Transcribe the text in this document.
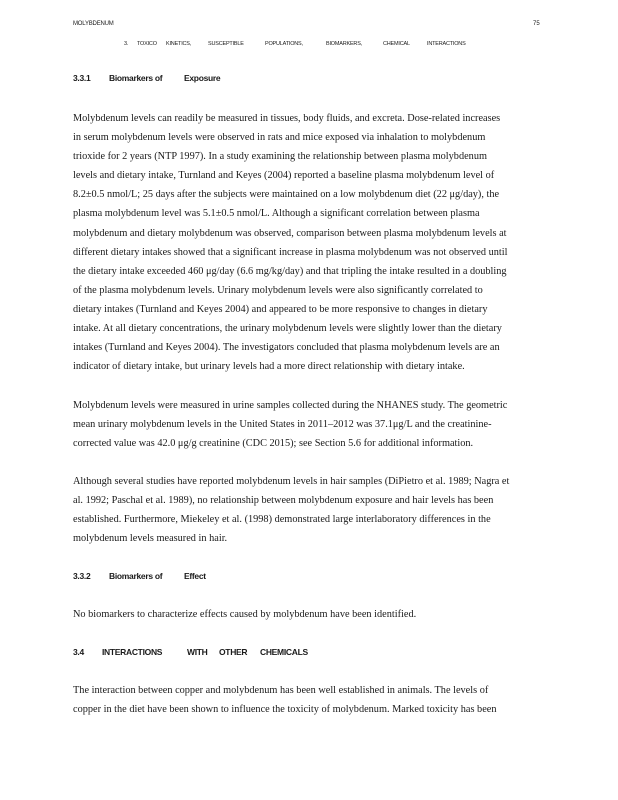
MOLYBDENUM	75
3. TOXICO KINETICS,	SUSCEPTIBLE	POPULATIONS,	BIOMARKERS,	CHEMICAL	INTERACTIONS
3.3.1 Biomarkers of	Exposure
Molybdenum levels can readily be measured in tissues, body fluids, and excreta. Dose-related increases
in serum molybdenum levels were observed in rats and mice exposed via inhalation to molybdenum
trioxide for 2 years (NTP 1997). In a study examining the relationship between plasma molybdenum
levels and dietary intake, Turnland and Keyes (2004) reported a baseline plasma molybdenum level of
8.2±0.5 nmol/L; 25 days after the subjects were maintained on a low molybdenum diet (22 μg/day), the
plasma molybdenum level was 5.1±0.5 nmol/L. Although a significant correlation between plasma
molybdenum and dietary molybdenum was observed, comparison between plasma molybdenum levels at
different dietary intakes showed that a significant increase in plasma molybdenum was not observed until
the dietary intake exceeded 460 μg/day (6.6 mg/kg/day) and that tripling the intake resulted in a doubling
of the plasma molybdenum levels. Urinary molybdenum levels were also significantly correlated to
dietary intakes (Turnland and Keyes 2004) and appeared to be more responsive to changes in dietary
intake. At all dietary concentrations, the urinary molybdenum levels were slightly lower than the dietary
intakes (Turnland and Keyes 2004). The investigators concluded that plasma molybdenum levels are an
indicator of dietary intake, but urinary levels had a more direct relationship with dietary intake.
Molybdenum levels were measured in urine samples collected during the NHANES study. The geometric
mean urinary molybdenum levels in the United States in 2011–2012 was 37.1μg/L and the creatinine-
corrected value was 42.0 μg/g creatinine (CDC 2015); see Section 5.6 for additional information.
Although several studies have reported molybdenum levels in hair samples (DiPietro et al. 1989; Nagra et
al. 1992; Paschal et al. 1989), no relationship between molybdenum exposure and hair levels has been
established. Furthermore, Miekeley et al. (1998) demonstrated large interlaboratory differences in the
molybdenum levels measured in hair.
3.3.2 Biomarkers of	Effect
No biomarkers to characterize effects caused by molybdenum have been identified.
3.4 INTERACTIONS	WITH OTHER CHEMICALS
The interaction between copper and molybdenum has been well established in animals. The levels of
copper in the diet have been shown to influence the toxicity of molybdenum. Marked toxicity has been
